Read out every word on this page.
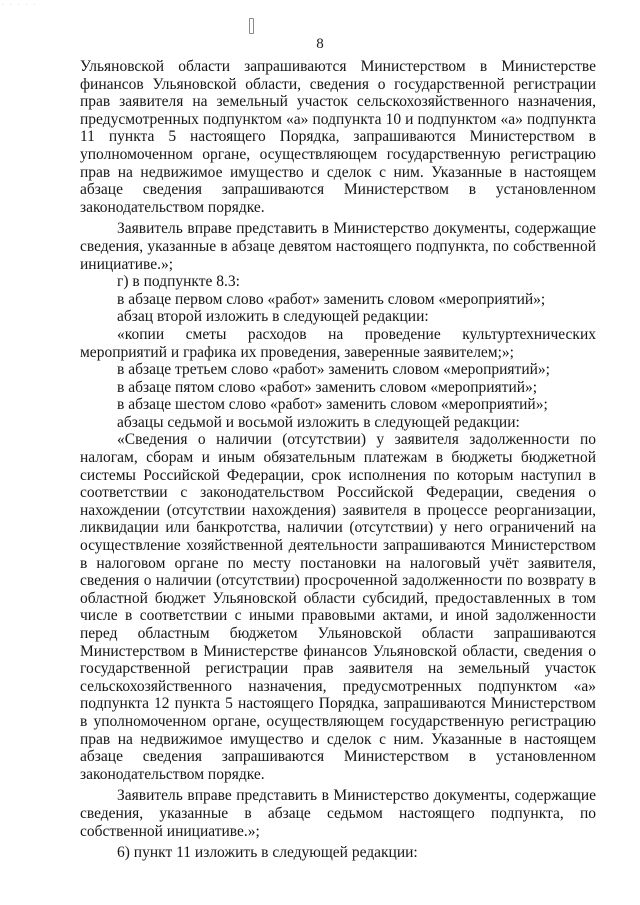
· · · · ·
8

Ульяновской области запрашиваются Министерством в Министерстве финансов Ульяновской области, сведения о государственной регистрации прав заявителя на земельный участок сельскохозяйственного назначения, предусмотренных подпунктом «а» подпункта 10 и подпунктом «а» подпункта 11 пункта 5 настоящего Порядка, запрашиваются Министерством в уполномоченном органе, осуществляющем государственную регистрацию прав на недвижимое имущество и сделок с ним. Указанные в настоящем абзаце сведения запрашиваются Министерством в установленном законодательством порядке.

Заявитель вправе представить в Министерство документы, содержащие сведения, указанные в абзаце девятом настоящего подпункта, по собственной инициативе.»;

г) в подпункте 8.3:

в абзаце первом слово «работ» заменить словом «мероприятий»;

абзац второй изложить в следующей редакции:

«копии сметы расходов на проведение культуртехнических мероприятий и графика их проведения, заверенные заявителем;»;

в абзаце третьем слово «работ» заменить словом «мероприятий»;

в абзаце пятом слово «работ» заменить словом «мероприятий»;

в абзаце шестом слово «работ» заменить словом «мероприятий»;

абзацы седьмой и восьмой изложить в следующей редакции:

«Сведения о наличии (отсутствии) у заявителя задолженности по налогам, сборам и иным обязательным платежам в бюджеты бюджетной системы Российской Федерации, срок исполнения по которым наступил в соответствии с законодательством Российской Федерации, сведения о нахождении (отсутствии нахождения) заявителя в процессе реорганизации, ликвидации или банкротства, наличии (отсутствии) у него ограничений на осуществление хозяйственной деятельности запрашиваются Министерством в налоговом органе по месту постановки на налоговый учёт заявителя, сведения о наличии (отсутствии) просроченной задолженности по возврату в областной бюджет Ульяновской области субсидий, предоставленных в том числе в соответствии с иными правовыми актами, и иной задолженности перед областным бюджетом Ульяновской области запрашиваются Министерством в Министерстве финансов Ульяновской области, сведения о государственной регистрации прав заявителя на земельный участок сельскохозяйственного назначения, предусмотренных подпунктом «а» подпункта 12 пункта 5 настоящего Порядка, запрашиваются Министерством в уполномоченном органе, осуществляющем государственную регистрацию прав на недвижимое имущество и сделок с ним. Указанные в настоящем абзаце сведения запрашиваются Министерством в установленном законодательством порядке.

Заявитель вправе представить в Министерство документы, содержащие сведения, указанные в абзаце седьмом настоящего подпункта, по собственной инициативе.»;

6) пункт 11 изложить в следующей редакции:
